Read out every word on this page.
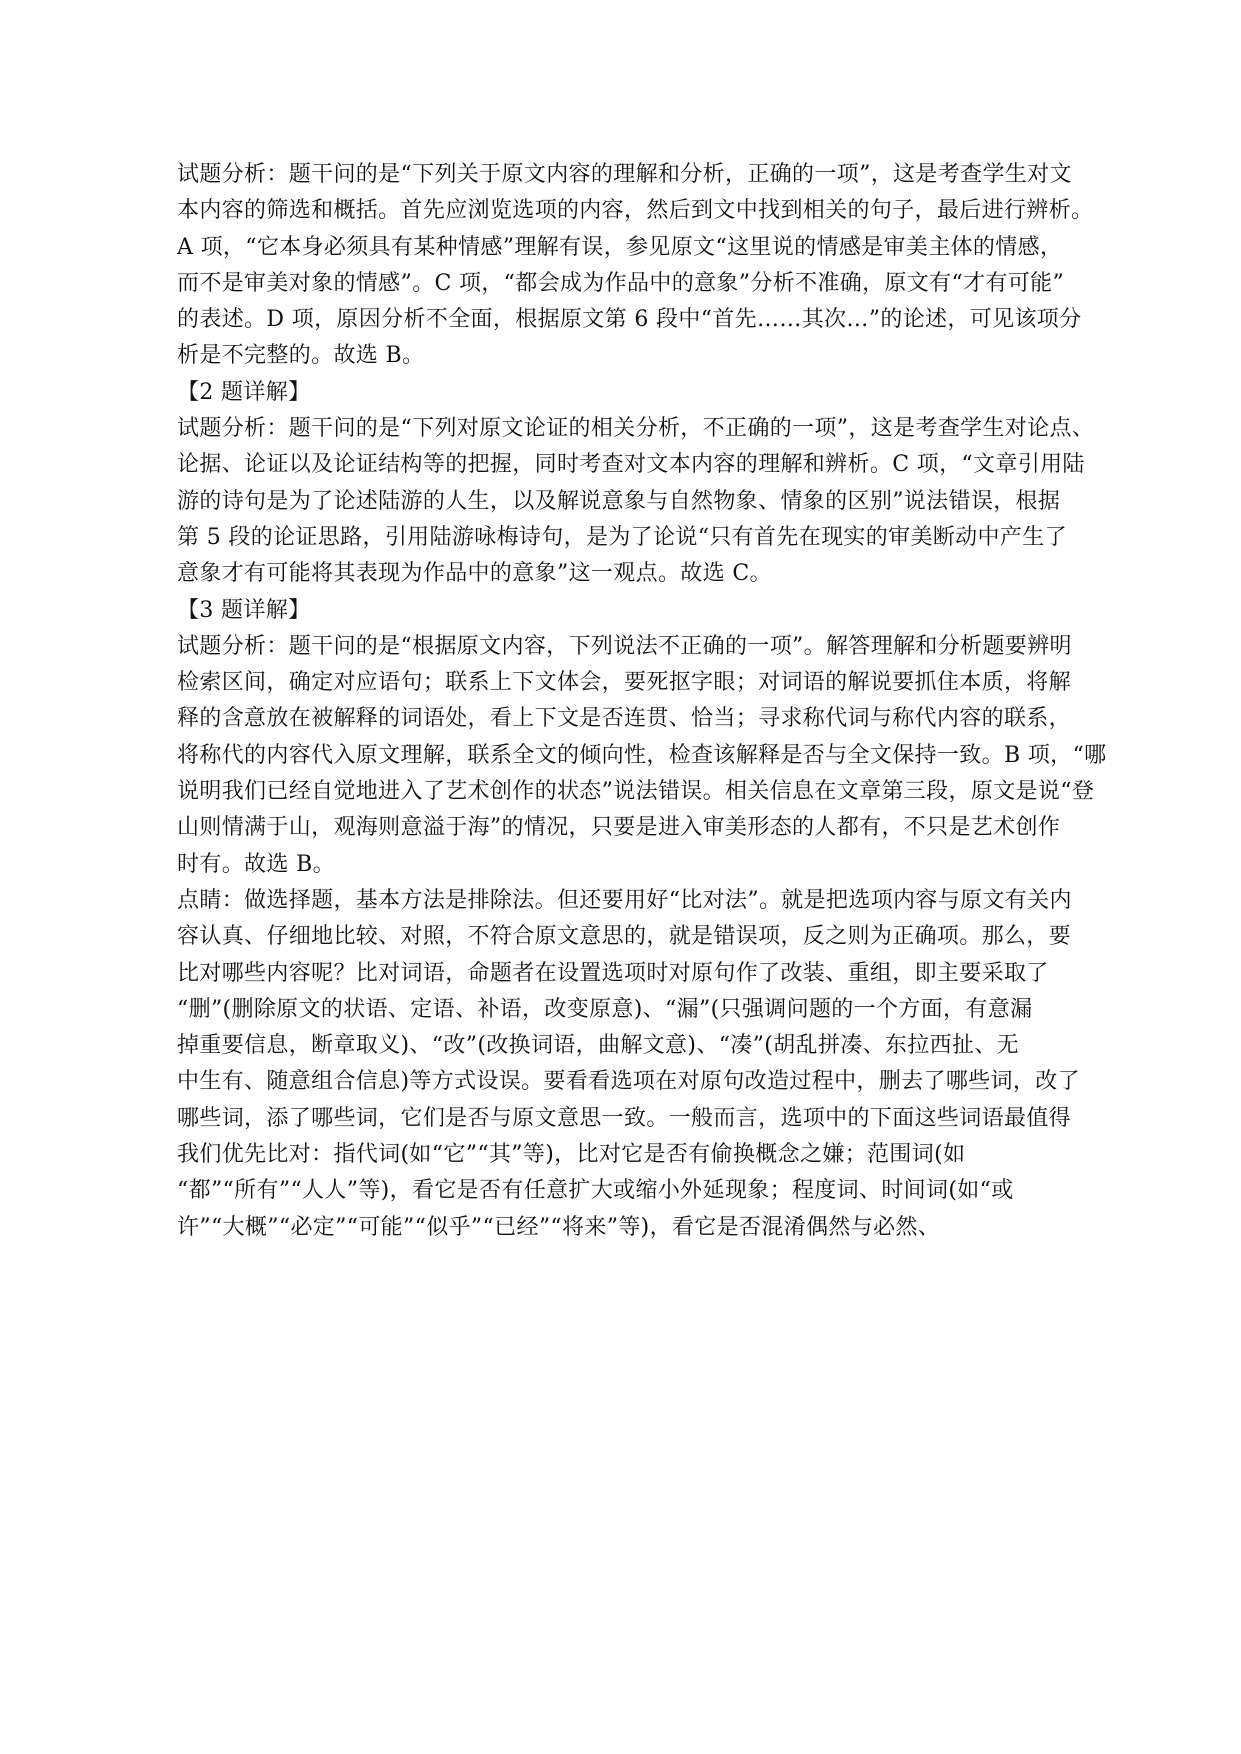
试题分析：题干问的是“下列关于原文内容的理解和分析，正确的一项”，这是考查学生对文
本内容的筛选和概括。首先应浏览选项的内容，然后到文中找到相关的句子，最后进行辨析。
A 项，“它本身必须具有某种情感”理解有误，参见原文“这里说的情感是审美主体的情感，
而不是审美对象的情感”。C 项，“都会成为作品中的意象”分析不准确，原文有“才有可能”
的表述。D 项，原因分析不全面，根据原文第 6 段中“首先……其次…”的论述，可见该项分
析是不完整的。故选 B。
【2 题详解】
试题分析：题干问的是“下列对原文论证的相关分析，不正确的一项”，这是考查学生对论点、
论据、论证以及论证结构等的把握，同时考查对文本内容的理解和辨析。C 项，“文章引用陆
游的诗句是为了论述陆游的人生，以及解说意象与自然物象、情象的区别”说法错误，根据
第 5 段的论证思路，引用陆游咏梅诗句，是为了论说“只有首先在现实的审美断动中产生了
意象才有可能将其表现为作品中的意象”这一观点。故选 C。
【3 题详解】
试题分析：题干问的是“根据原文内容，下列说法不正确的一项”。解答理解和分析题要辨明
检索区间，确定对应语句；联系上下文体会，要死抠字眼；对词语的解说要抓住本质，将解
释的含意放在被解释的词语处，看上下文是否连贯、恰当；寻求称代词与称代内容的联系，
将称代的内容代入原文理解，联系全文的倾向性，检查该解释是否与全文保持一致。B 项，“哪
说明我们已经自觉地进入了艺术创作的状态”说法错误。相关信息在文章第三段，原文是说“登
山则情满于山，观海则意溢于海”的情况，只要是进入审美形态的人都有，不只是艺术创作
时有。故选 B。
点睛：做选择题，基本方法是排除法。但还要用好“比对法”。就是把选项内容与原文有关内
容认真、仔细地比较、对照，不符合原文意思的，就是错误项，反之则为正确项。那么，要
比对哪些内容呢？比对词语，命题者在设置选项时对原句作了改装、重组，即主要采取了
“删”(删除原文的状语、定语、补语，改变原意)、“漏”(只强调问题的一个方面，有意漏
掉重要信息，断章取义)、“改”(改换词语，曲解文意)、“凑”(胡乱拼凑、东拉西扯、无
中生有、随意组合信息)等方式设误。要看看选项在对原句改造过程中，删去了哪些词，改了
哪些词，添了哪些词，它们是否与原文意思一致。一般而言，选项中的下面这些词语最值得
我们优先比对：指代词(如“它”“其”等)，比对它是否有偷换概念之嫌；范围词(如
“都”“所有”“人人”等)，看它是否有任意扩大或缩小外延现象；程度词、时间词(如“或
许”“大概”“必定”“可能”“似乎”“已经”“将来”等)，看它是否混淆偶然与必然、
